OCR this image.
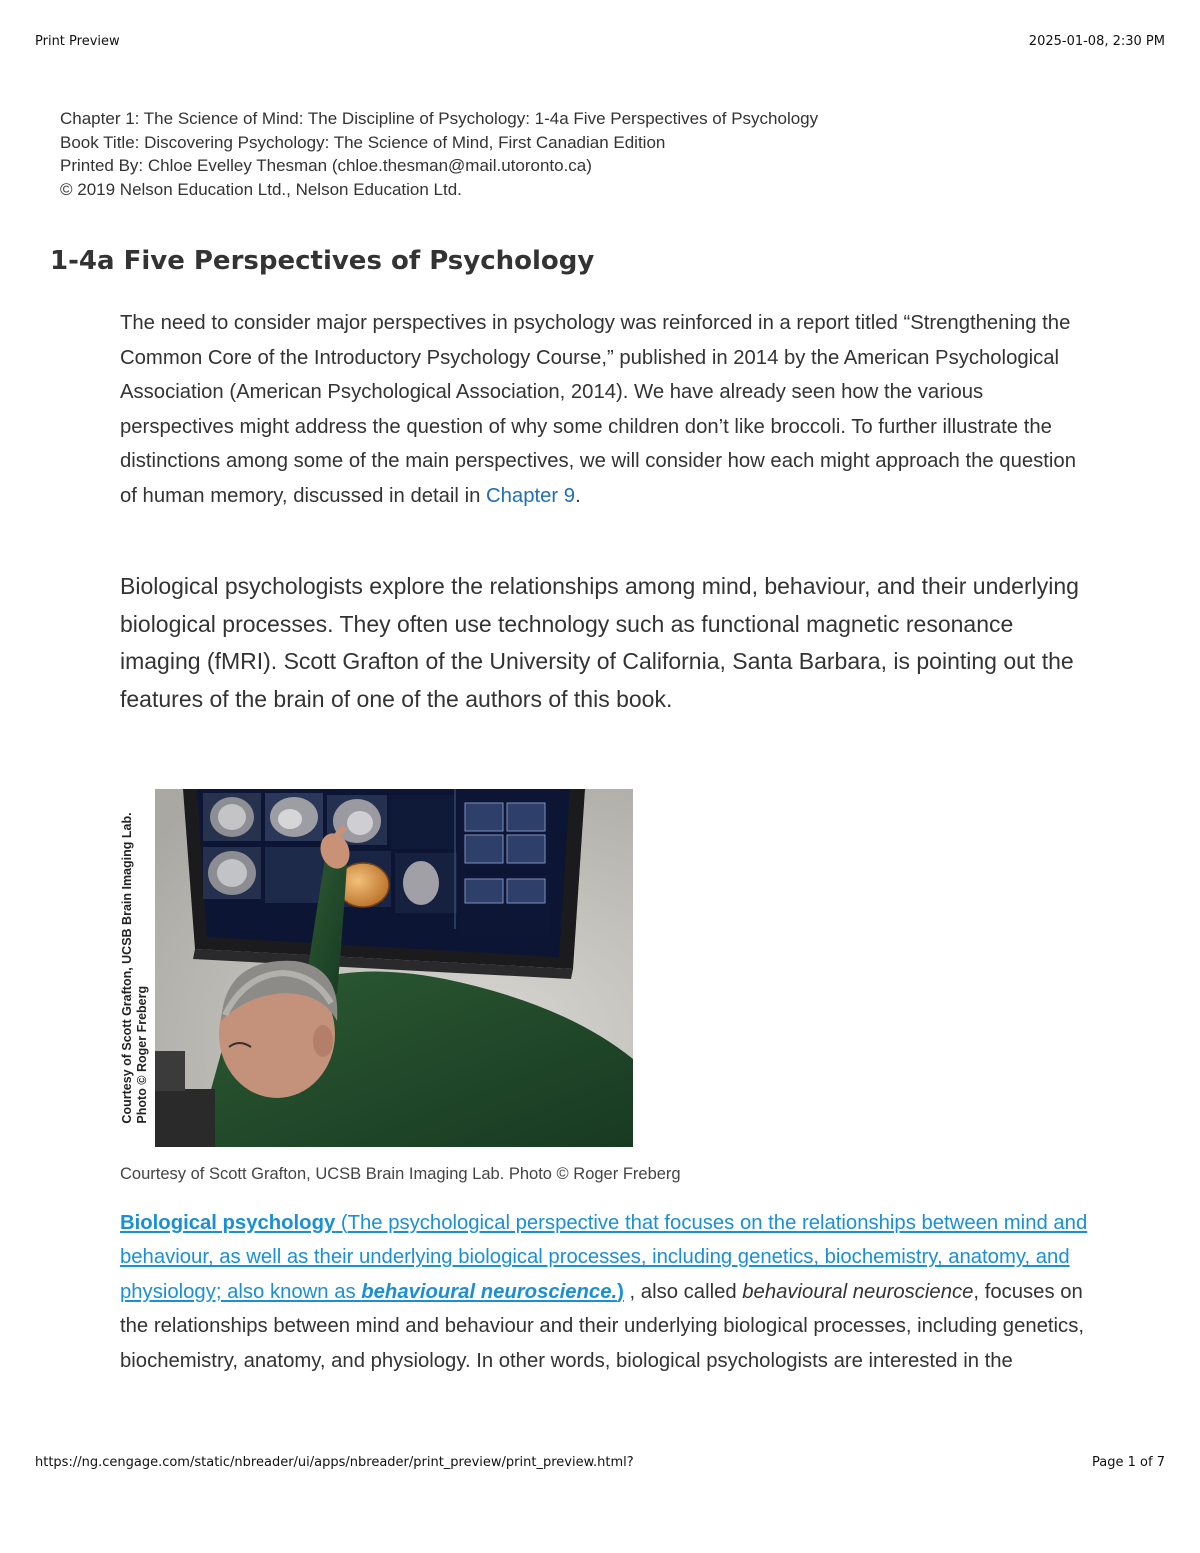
Print Preview	2025-01-08, 2:30 PM
Chapter 1: The Science of Mind: The Discipline of Psychology: 1-4a Five Perspectives of Psychology
Book Title: Discovering Psychology: The Science of Mind, First Canadian Edition
Printed By: Chloe Evelley Thesman (chloe.thesman@mail.utoronto.ca)
© 2019 Nelson Education Ltd., Nelson Education Ltd.
1-4a Five Perspectives of Psychology

The need to consider major perspectives in psychology was reinforced in a report titled “Strengthening the Common Core of the Introductory Psychology Course,” published in 2014 by the American Psychological Association (American Psychological Association, 2014). We have already seen how the various perspectives might address the question of why some children don’t like broccoli. To further illustrate the distinctions among some of the main perspectives, we will consider how each might approach the question of human memory, discussed in detail in Chapter 9.

Biological psychologists explore the relationships among mind, behaviour, and their underlying biological processes. They often use technology such as functional magnetic resonance imaging (fMRI). Scott Grafton of the University of California, Santa Barbara, is pointing out the features of the brain of one of the authors of this book.

Courtesy of Scott Grafton, UCSB Brain Imaging Lab. Photo © Roger Freberg

Courtesy of Scott Grafton, UCSB Brain Imaging Lab. Photo © Roger Freberg

Biological psychology (The psychological perspective that focuses on the relationships between mind and behaviour, as well as their underlying biological processes, including genetics, biochemistry, anatomy, and physiology; also known as behavioural neuroscience.) , also called behavioural neuroscience, focuses on the relationships between mind and behaviour and their underlying biological processes, including genetics, biochemistry, anatomy, and physiology. In other words, biological psychologists are interested in the

https://ng.cengage.com/static/nbreader/ui/apps/nbreader/print_preview/print_preview.html?	Page 1 of 7
